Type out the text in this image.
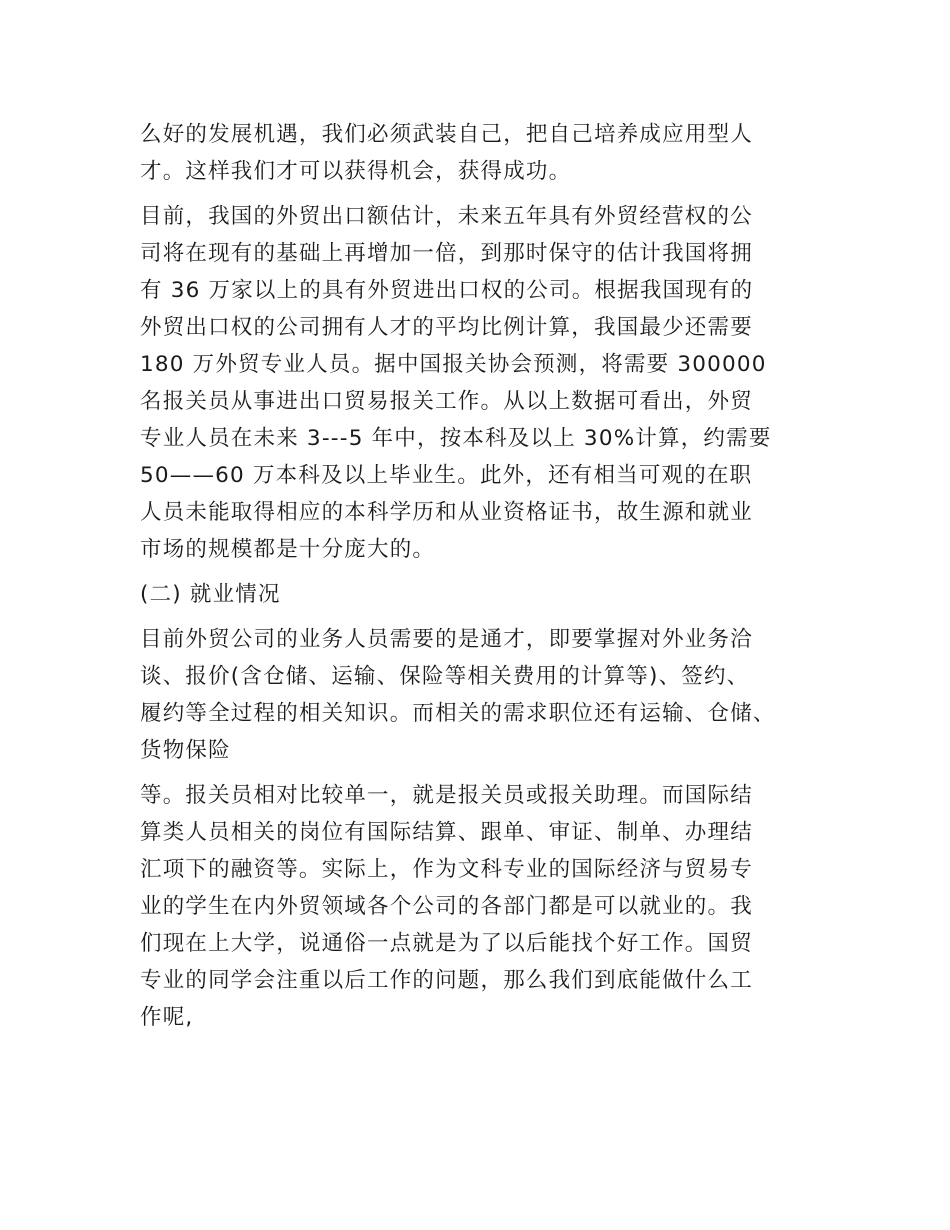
么好的发展机遇，我们必须武装自己，把自己培养成应用型人
才。这样我们才可以获得机会，获得成功。

目前，我国的外贸出口额估计，未来五年具有外贸经营权的公
司将在现有的基础上再增加一倍，到那时保守的估计我国将拥
有 36 万家以上的具有外贸进出口权的公司。根据我国现有的
外贸出口权的公司拥有人才的平均比例计算，我国最少还需要
180 万外贸专业人员。据中国报关协会预测，将需要 300000
名报关员从事进出口贸易报关工作。从以上数据可看出，外贸
专业人员在未来 3---5 年中，按本科及以上 30%计算，约需要
50——60 万本科及以上毕业生。此外，还有相当可观的在职
人员未能取得相应的本科学历和从业资格证书，故生源和就业
市场的规模都是十分庞大的。

(二) 就业情况

目前外贸公司的业务人员需要的是通才，即要掌握对外业务洽
谈、报价(含仓储、运输、保险等相关费用的计算等)、签约、
履约等全过程的相关知识。而相关的需求职位还有运输、仓储、
货物保险

等。报关员相对比较单一，就是报关员或报关助理。而国际结
算类人员相关的岗位有国际结算、跟单、审证、制单、办理结
汇项下的融资等。实际上，作为文科专业的国际经济与贸易专
业的学生在内外贸领域各个公司的各部门都是可以就业的。我
们现在上大学，说通俗一点就是为了以后能找个好工作。国贸
专业的同学会注重以后工作的问题，那么我们到底能做什么工
作呢,
